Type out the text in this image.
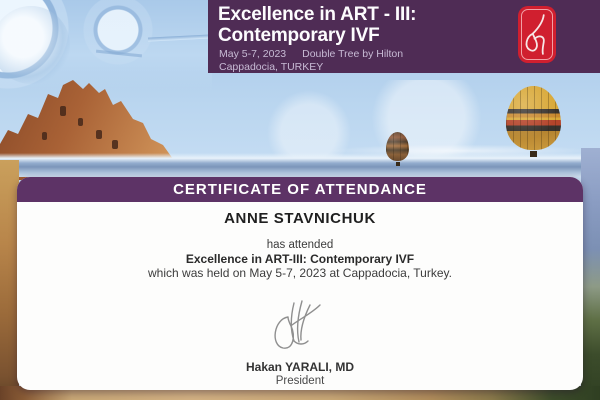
Excellence in ART - III:
Contemporary IVF
May 5-7, 2023 Double Tree by Hilton
Cappadocia, TURKEY
CERTIFICATE OF ATTENDANCE
ANNE STAVNICHUK
has attended
Excellence in ART-III: Contemporary IVF
which was held on May 5-7, 2023 at Cappadocia, Turkey.
Hakan YARALI, MD
President
